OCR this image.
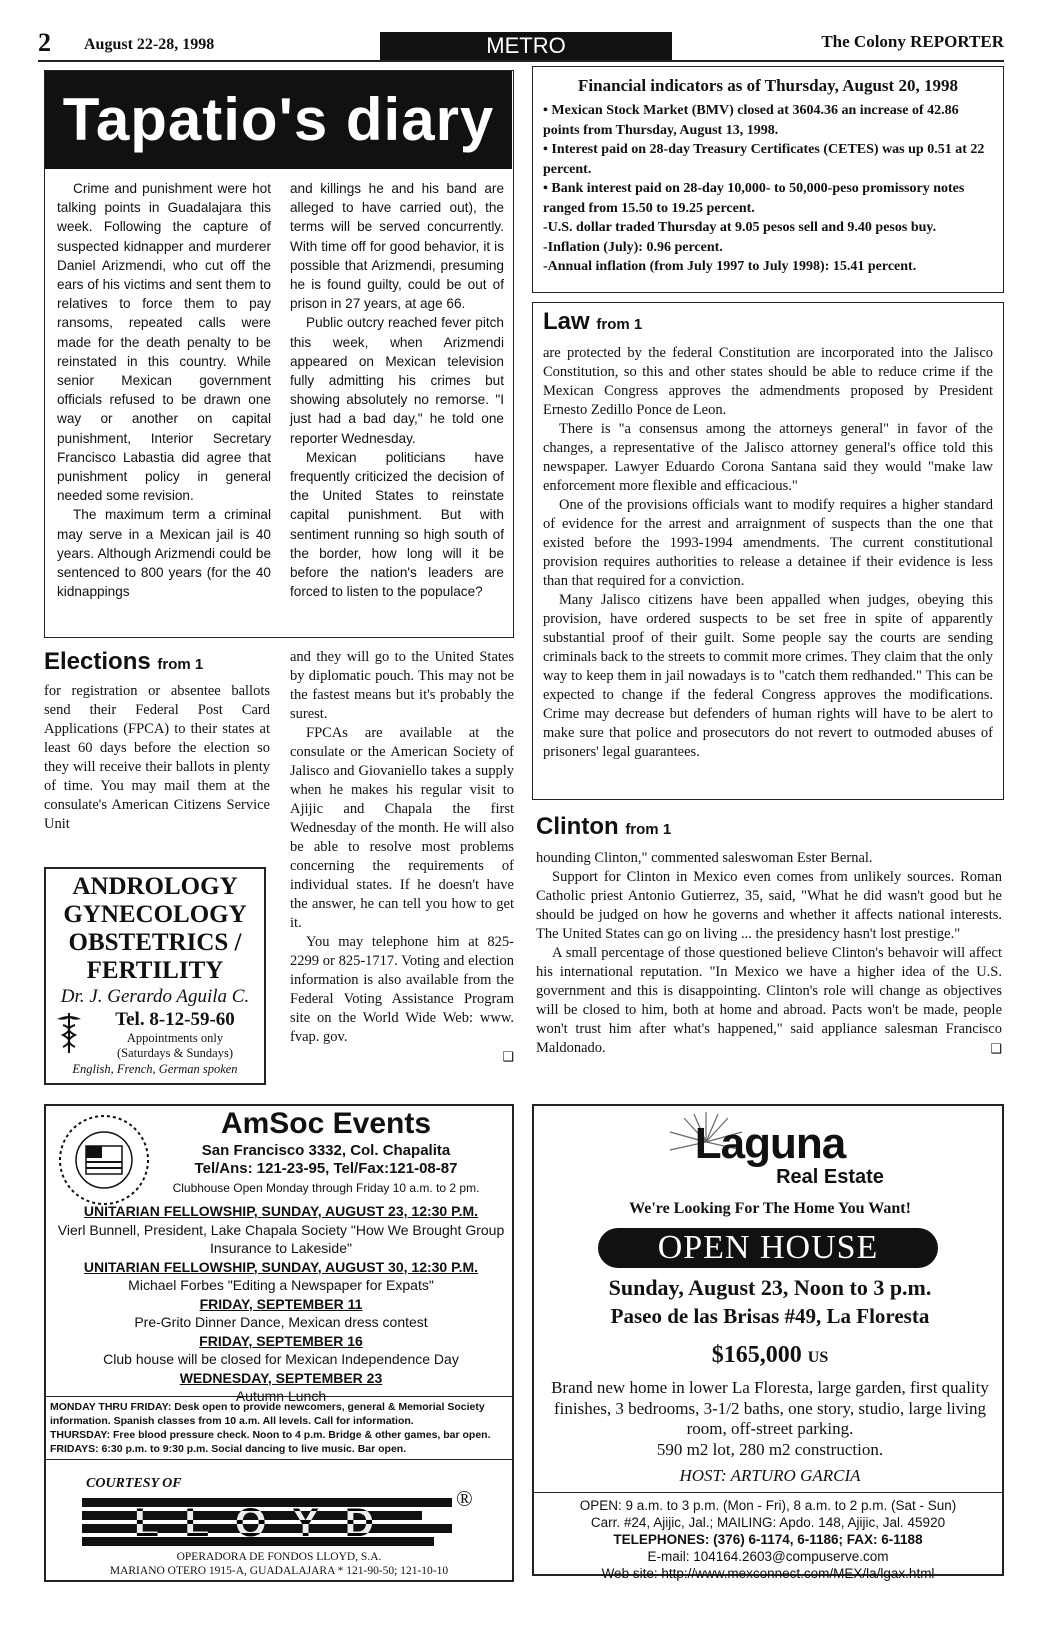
2 August 22-28, 1998	METRO	The Colony REPORTER
Tapatio's diary

Crime and punishment were hot talking points in Guadalajara this week. Following the capture of suspected kidnapper and murderer Daniel Arizmendi, who cut off the ears of his victims and sent them to relatives to force them to pay ransoms, repeated calls were made for the death penalty to be reinstated in this country. While senior Mexican government officials refused to be drawn one way or another on capital punishment, Interior Secretary Francisco Labastia did agree that punishment policy in general needed some revision.

The maximum term a criminal may serve in a Mexican jail is 40 years. Although Arizmendi could be sentenced to 800 years (for the 40 kidnappings

and killings he and his band are alleged to have carried out), the terms will be served concurrently. With time off for good behavior, it is possible that Arizmendi, presuming he is found guilty, could be out of prison in 27 years, at age 66.

Public outcry reached fever pitch this week, when Arizmendi appeared on Mexican television fully admitting his crimes but showing absolutely no remorse. "I just had a bad day," he told one reporter Wednesday.

Mexican politicians have frequently criticized the decision of the United States to reinstate capital punishment. But with sentiment running so high south of the border, how long will it be before the nation's leaders are forced to listen to the populace?

Elections from 1

for registration or absentee ballots send their Federal Post Card Applications (FPCA) to their states at least 60 days before the election so they will receive their ballots in plenty of time. You may mail them at the consulate's American Citizens Service Unit

and they will go to the United States by diplomatic pouch. This may not be the fastest means but it's probably the surest.

FPCAs are available at the consulate or the American Society of Jalisco and Giovaniello takes a supply when he makes his regular visit to Ajijic and Chapala the first Wednesday of the month. He will also be able to resolve most problems concerning the requirements of individual states. If he doesn't have the answer, he can tell you how to get it.

You may telephone him at 825-2299 or 825-1717. Voting and election information is also available from the Federal Voting Assistance Program site on the World Wide Web: www. fvap. gov.

❑
ANDROLOGY
GYNECOLOGY
OBSTETRICS /
FERTILITY
Dr. J. Gerardo Aguila C.
Tel. 8-12-59-60
Appointments only
(Saturdays & Sundays)
English, French, German spoken
Financial indicators as of Thursday, August 20, 1998

• Mexican Stock Market (BMV) closed at 3604.36 an increase of 42.86 points from Thursday, August 13, 1998.

• Interest paid on 28-day Treasury Certificates (CETES) was up 0.51 at 22 percent.

• Bank interest paid on 28-day 10,000- to 50,000-peso promissory notes ranged from 15.50 to 19.25 percent.

-U.S. dollar traded Thursday at 9.05 pesos sell and 9.40 pesos buy.

-Inflation (July): 0.96 percent.

-Annual inflation (from July 1997 to July 1998): 15.41 percent.

Law from 1

are protected by the federal Constitution are incorporated into the Jalisco Constitution, so this and other states should be able to reduce crime if the Mexican Congress approves the admendments proposed by President Ernesto Zedillo Ponce de Leon.

There is "a consensus among the attorneys general" in favor of the changes, a representative of the Jalisco attorney general's office told this newspaper. Lawyer Eduardo Corona Santana said they would "make law enforcement more flexible and efficacious."

One of the provisions officials want to modify requires a higher standard of evidence for the arrest and arraignment of suspects than the one that existed before the 1993-1994 amendments. The current constitutional provision requires authorities to release a detainee if their evidence is less than that required for a conviction.

Many Jalisco citizens have been appalled when judges, obeying this provision, have ordered suspects to be set free in spite of apparently substantial proof of their guilt. Some people say the courts are sending criminals back to the streets to commit more crimes. They claim that the only way to keep them in jail nowadays is to "catch them redhanded." This can be expected to change if the federal Congress approves the modifications. Crime may decrease but defenders of human rights will have to be alert to make sure that police and prosecutors do not revert to outmoded abuses of prisoners' legal guarantees.

Clinton from 1

hounding Clinton," commented saleswoman Ester Bernal.

Support for Clinton in Mexico even comes from unlikely sources. Roman Catholic priest Antonio Gutierrez, 35, said, "What he did wasn't good but he should be judged on how he governs and whether it affects national interests. The United States can go on living ... the presidency hasn't lost prestige."

A small percentage of those questioned believe Clinton's behavoir will affect his international reputation. "In Mexico we have a higher idea of the U.S. government and this is disappointing. Clinton's role will change as objectives will be closed to him, both at home and abroad. Pacts won't be made, people won't trust him after what's happened," said appliance salesman Francisco Maldonado.	❑
AmSoc Events
San Francisco 3332, Col. Chapalita
Tel/Ans: 121-23-95, Tel/Fax:121-08-87
Clubhouse Open Monday through Friday 10 a.m. to 2 pm.
UNITARIAN FELLOWSHIP, SUNDAY, AUGUST 23, 12:30 P.M.
Vierl Bunnell, President, Lake Chapala Society "How We Brought Group Insurance to Lakeside"
UNITARIAN FELLOWSHIP, SUNDAY, AUGUST 30, 12:30 P.M.
Michael Forbes "Editing a Newspaper for Expats"
FRIDAY, SEPTEMBER 11
Pre-Grito Dinner Dance, Mexican dress contest
FRIDAY, SEPTEMBER 16
Club house will be closed for Mexican Independence Day
WEDNESDAY, SEPTEMBER 23
Autumn Lunch
MONDAY THRU FRIDAY: Desk open to provide newcomers, general & Memorial Society information. Spanish classes from 10 a.m. All levels. Call for information.
THURSDAY: Free blood pressure check. Noon to 4 p.m. Bridge & other games, bar open.
FRIDAYS: 6:30 p.m. to 9:30 p.m. Social dancing to live music. Bar open.
COURTESY OF
LLOYD
®
OPERADORA DE FONDOS LLOYD, S.A.
MARIANO OTERO 1915-A, GUADALAJARA * 121-90-50; 121-10-10
Laguna
Real Estate
We're Looking For The Home You Want!
OPEN HOUSE
Sunday, August 23, Noon to 3 p.m.
Paseo de las Brisas #49, La Floresta
$165,000 US
Brand new home in lower La Floresta, large garden, first quality finishes, 3 bedrooms, 3-1/2 baths, one story, studio, large living room, off-street parking.
590 m2 lot, 280 m2 construction.
HOST: ARTURO GARCIA
OPEN: 9 a.m. to 3 p.m. (Mon - Fri), 8 a.m. to 2 p.m. (Sat - Sun)
Carr. #24, Ajijic, Jal.; MAILING: Apdo. 148, Ajijic, Jal. 45920
TELEPHONES: (376) 6-1174, 6-1186; FAX: 6-1188
E-mail: 104164.2603@compuserve.com
Web site: http://www.mexconnect.com/MEX/la/lgax.html
